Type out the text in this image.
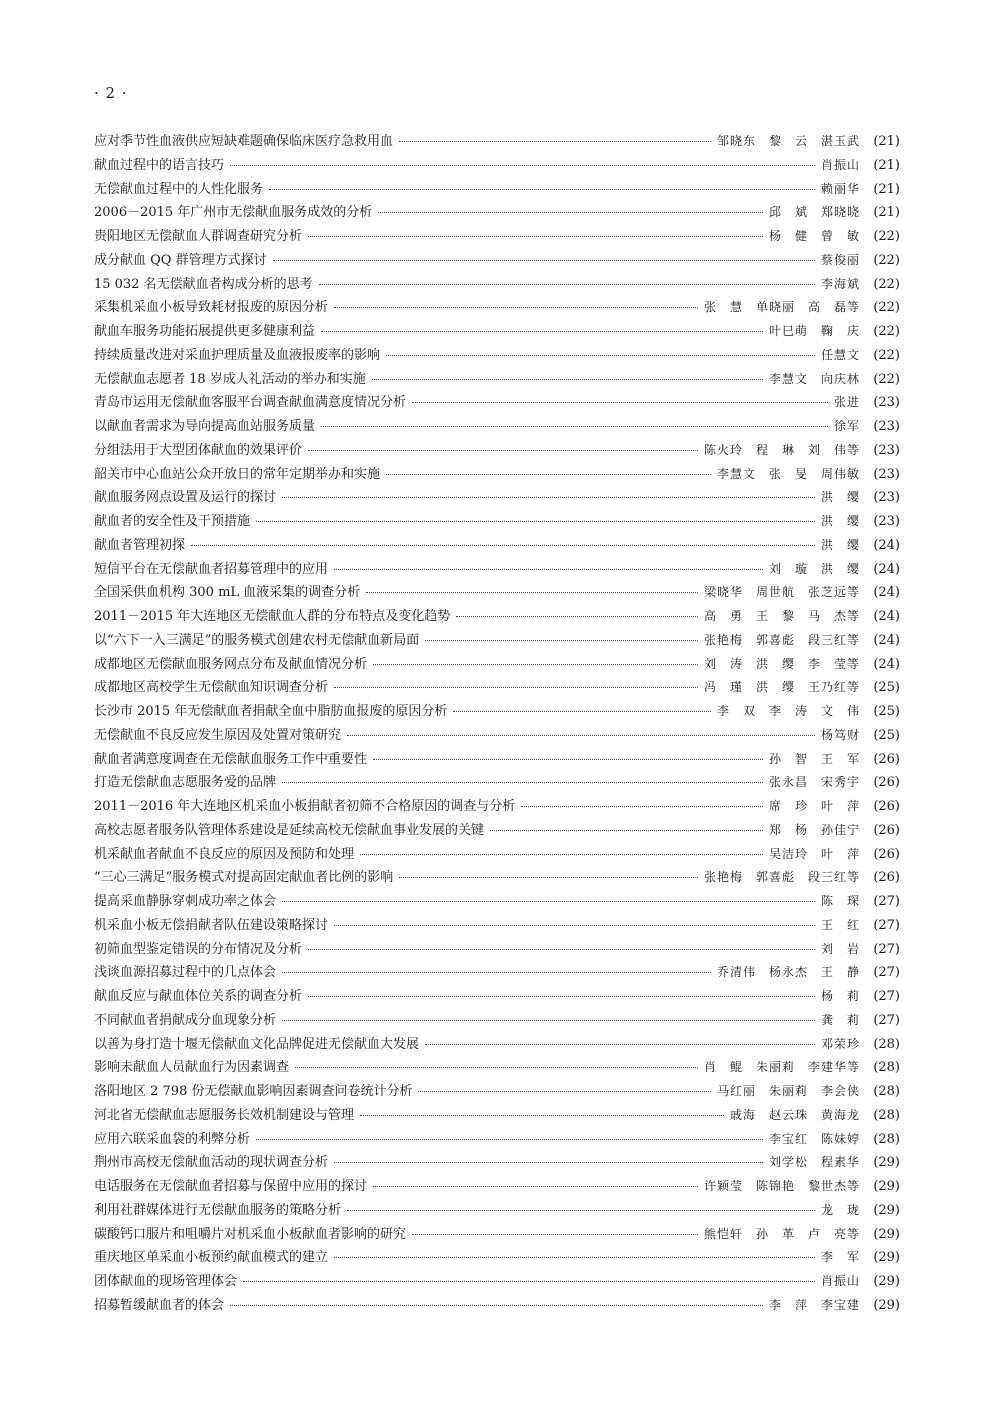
· 2 ·
应对季节性血液供应短缺难题确保临床医疗急救用血	邹晓东　黎　云　湛玉武	(21)
献血过程中的语言技巧	肖振山	(21)
无偿献血过程中的人性化服务	赖丽华	(21)
2006－2015 年广州市无偿献血服务成效的分析	邱　斌　郑晓晓	(21)
贵阳地区无偿献血人群调查研究分析	杨　健　曾　敏	(22)
成分献血 QQ 群管理方式探讨	蔡俊丽	(22)
15 032 名无偿献血者构成分析的思考	李海斌	(22)
采集机采血小板导致耗材报废的原因分析	张　慧　单晓丽　高　磊等	(22)
献血车服务功能拓展提供更多健康利益	叶巳萌　鞠　庆	(22)
持续质量改进对采血护理质量及血液报废率的影响	任慧文	(22)
无偿献血志愿者 18 岁成人礼活动的举办和实施	李慧文　向庆林	(22)
青岛市运用无偿献血客服平台调查献血满意度情况分析	张进	(23)
以献血者需求为导向提高血站服务质量	徐军	(23)
分组法用于大型团体献血的效果评价	陈火玲　程　琳　刘　伟等	(23)
韶关市中心血站公众开放日的常年定期举办和实施	李慧文　张　旻　周伟敏	(23)
献血服务网点设置及运行的探讨	洪　缨	(23)
献血者的安全性及干预措施	洪　缨	(23)
献血者管理初探	洪　缨	(24)
短信平台在无偿献血者招募管理中的应用	刘　璇　洪　缨	(24)
全国采供血机构 300 mL 血液采集的调查分析	梁晓华　周世航　张芝远等	(24)
2011－2015 年大连地区无偿献血人群的分布特点及变化趋势	高　勇　王　黎　马　杰等	(24)
以“六下一入三满足”的服务模式创建农村无偿献血新局面	张艳梅　郭喜彪　段三红等	(24)
成都地区无偿献血服务网点分布及献血情况分析	刘　涛　洪　缨　李　莹等	(24)
成都地区高校学生无偿献血知识调查分析	冯　瑾　洪　缨　王乃红等	(25)
长沙市 2015 年无偿献血者捐献全血中脂肪血报废的原因分析	李　双　李　涛　文　伟	(25)
无偿献血不良反应发生原因及处置对策研究	杨笃财	(25)
献血者满意度调查在无偿献血服务工作中重要性	孙　智　王　军	(26)
打造无偿献血志愿服务爱的品牌	张永昌　宋秀宇	(26)
2011－2016 年大连地区机采血小板捐献者初筛不合格原因的调查与分析	席　珍　叶　萍	(26)
高校志愿者服务队管理体系建设是延续高校无偿献血事业发展的关键	郑　杨　孙佳宁	(26)
机采献血者献血不良反应的原因及预防和处理	吴洁玲　叶　萍	(26)
“三心三满足”服务模式对提高固定献血者比例的影响	张艳梅　郭喜彪　段三红等	(26)
提高采血静脉穿刺成功率之体会	陈　琛	(27)
机采血小板无偿捐献者队伍建设策略探讨	王　红	(27)
初筛血型鉴定错误的分布情况及分析	刘　岩	(27)
浅谈血源招募过程中的几点体会	乔清伟　杨永杰　王　静	(27)
献血反应与献血体位关系的调查分析	杨　莉	(27)
不同献血者捐献成分血现象分析	龚　莉	(27)
以善为身打造十堰无偿献血文化品牌促进无偿献血大发展	邓荣珍	(28)
影响未献血人员献血行为因素调查	肖　鲲　朱丽莉　李建华等	(28)
洛阳地区 2 798 份无偿献血影响因素调查问卷统计分析	马红丽　朱丽莉　李会侠	(28)
河北省无偿献血志愿服务长效机制建设与管理	戚海　赵云珠　黄海龙	(28)
应用六联采血袋的利弊分析	李宝红　陈妹婷	(28)
荆州市高校无偿献血活动的现状调查分析	刘学松　程素华	(29)
电话服务在无偿献血者招募与保留中应用的探讨	许颖莹　陈锦艳　黎世杰等	(29)
利用社群媒体进行无偿献血服务的策略分析	龙　珑	(29)
碳酸钙口服片和咀嚼片对机采血小板献血者影响的研究	熊恺轩　孙　革　卢　亮等	(29)
重庆地区单采血小板预约献血模式的建立	李　军	(29)
团体献血的现场管理体会	肖振山	(29)
招募暂缓献血者的体会	李　萍　李宝建	(29)
